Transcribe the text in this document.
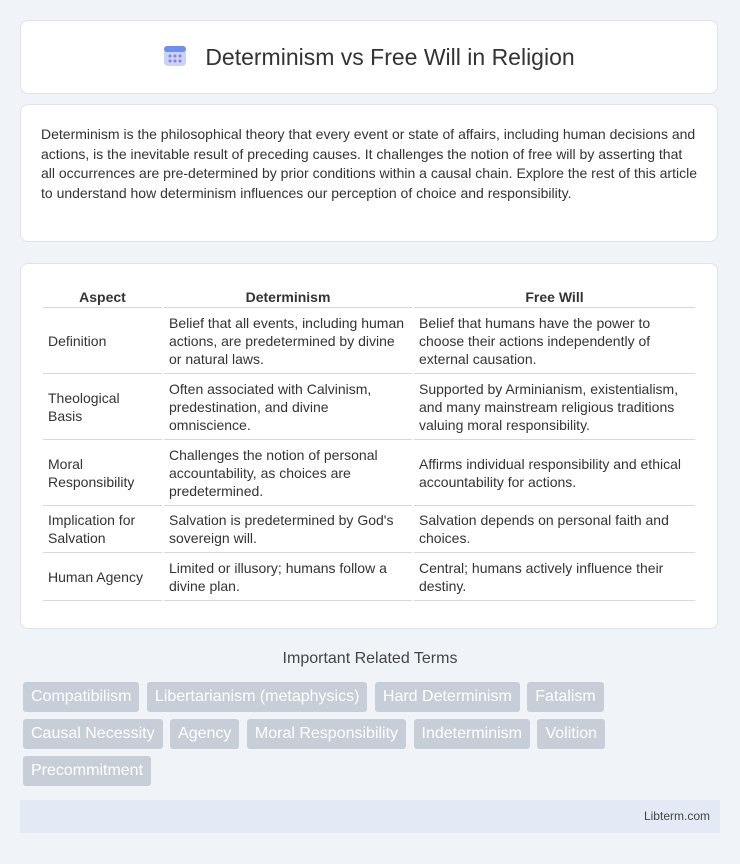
Determinism vs Free Will in Religion

Determinism is the philosophical theory that every event or state of affairs, including human decisions and actions, is the inevitable result of preceding causes. It challenges the notion of free will by asserting that all occurrences are pre-determined by prior conditions within a causal chain. Explore the rest of this article to understand how determinism influences our perception of choice and responsibility.

Aspect	Determinism	Free Will
Definition	Belief that all events, including human actions, are predetermined by divine or natural laws.	Belief that humans have the power to choose their actions independently of external causation.
Theological Basis	Often associated with Calvinism, predestination, and divine omniscience.	Supported by Arminianism, existentialism, and many mainstream religious traditions valuing moral responsibility.
Moral Responsibility	Challenges the notion of personal accountability, as choices are predetermined.	Affirms individual responsibility and ethical accountability for actions.
Implication for Salvation	Salvation is predetermined by God's sovereign will.	Salvation depends on personal faith and choices.
Human Agency	Limited or illusory; humans follow a divine plan.	Central; humans actively influence their destiny.
Important Related Terms
Compatibilism Libertarianism (metaphysics) Hard Determinism Fatalism Causal Necessity Agency Moral Responsibility Indeterminism Volition Precommitment
Libterm.com
